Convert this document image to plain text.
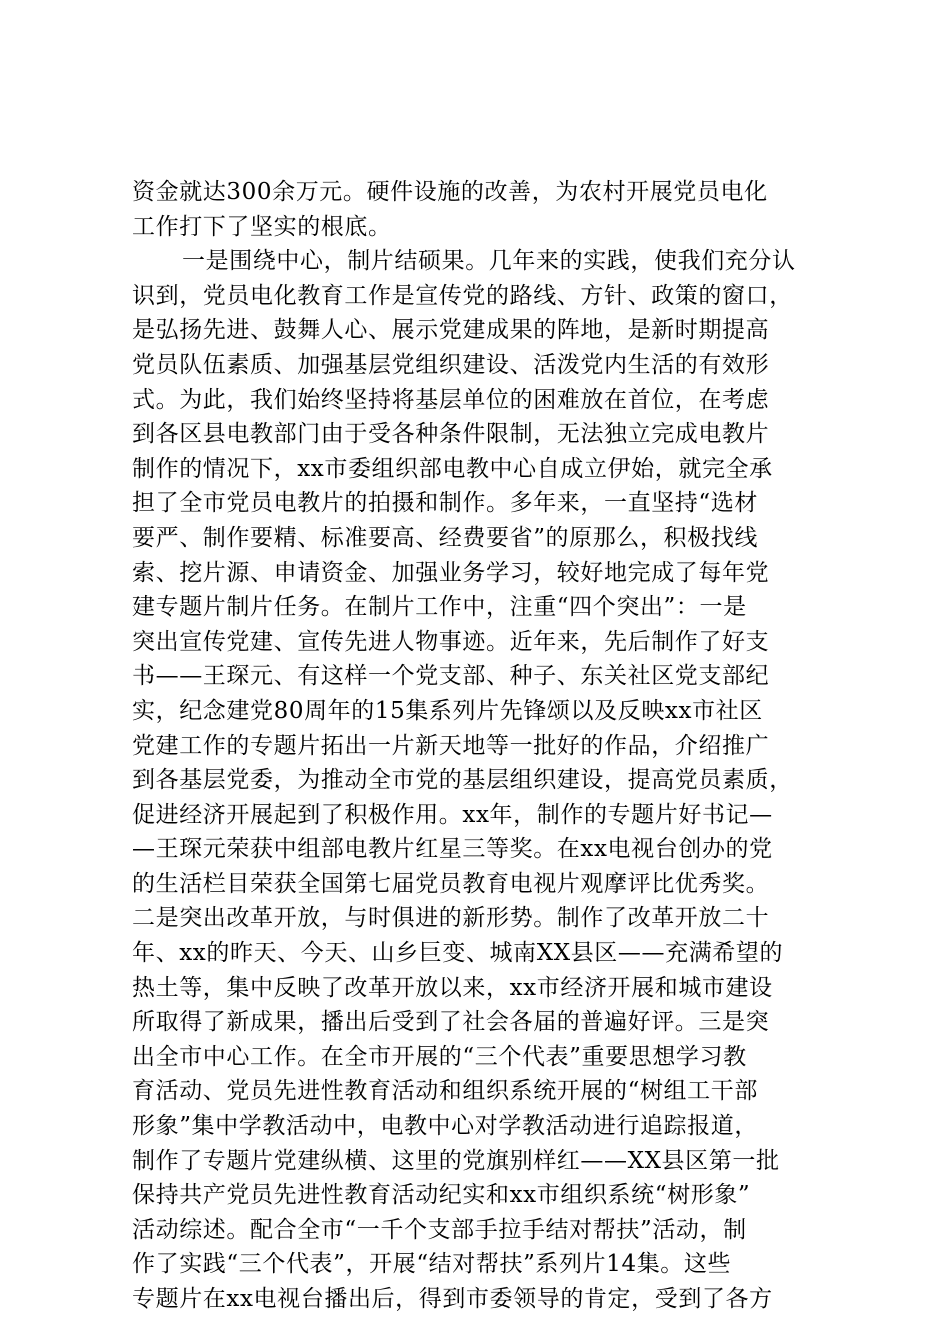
资金就达300余万元。硬件设施的改善，为农村开展党员电化
工作打下了坚实的根底。
一是围绕中心，制片结硕果。几年来的实践，使我们充分认
识到，党员电化教育工作是宣传党的路线、方针、政策的窗口，
是弘扬先进、鼓舞人心、展示党建成果的阵地，是新时期提高
党员队伍素质、加强基层党组织建设、活泼党内生活的有效形
式。为此，我们始终坚持将基层单位的困难放在首位，在考虑
到各区县电教部门由于受各种条件限制，无法独立完成电教片
制作的情况下，xx市委组织部电教中心自成立伊始，就完全承
担了全市党员电教片的拍摄和制作。多年来，一直坚持“选材
要严、制作要精、标准要高、经费要省”的原那么，积极找线
索、挖片源、申请资金、加强业务学习，较好地完成了每年党
建专题片制片任务。在制片工作中，注重“四个突出”：一是
突出宣传党建、宣传先进人物事迹。近年来，先后制作了好支
书——王琛元、有这样一个党支部、种子、东关社区党支部纪
实，纪念建党80周年的15集系列片先锋颂以及反映xx市社区
党建工作的专题片拓出一片新天地等一批好的作品，介绍推广
到各基层党委，为推动全市党的基层组织建设，提高党员素质，
促进经济开展起到了积极作用。xx年，制作的专题片好书记—
—王琛元荣获中组部电教片红星三等奖。在xx电视台创办的党
的生活栏目荣获全国第七届党员教育电视片观摩评比优秀奖。
二是突出改革开放，与时俱进的新形势。制作了改革开放二十
年、xx的昨天、今天、山乡巨变、城南XX县区——充满希望的
热土等，集中反映了改革开放以来，xx市经济开展和城市建设
所取得了新成果，播出后受到了社会各届的普遍好评。三是突
出全市中心工作。在全市开展的“三个代表”重要思想学习教
育活动、党员先进性教育活动和组织系统开展的“树组工干部
形象”集中学教活动中，电教中心对学教活动进行追踪报道，
制作了专题片党建纵横、这里的党旗别样红——XX县区第一批
保持共产党员先进性教育活动纪实和xx市组织系统“树形象”
活动综述。配合全市“一千个支部手拉手结对帮扶”活动，制
作了实践“三个代表”，开展“结对帮扶”系列片14集。这些
专题片在xx电视台播出后，得到市委领导的肯定，受到了各方
